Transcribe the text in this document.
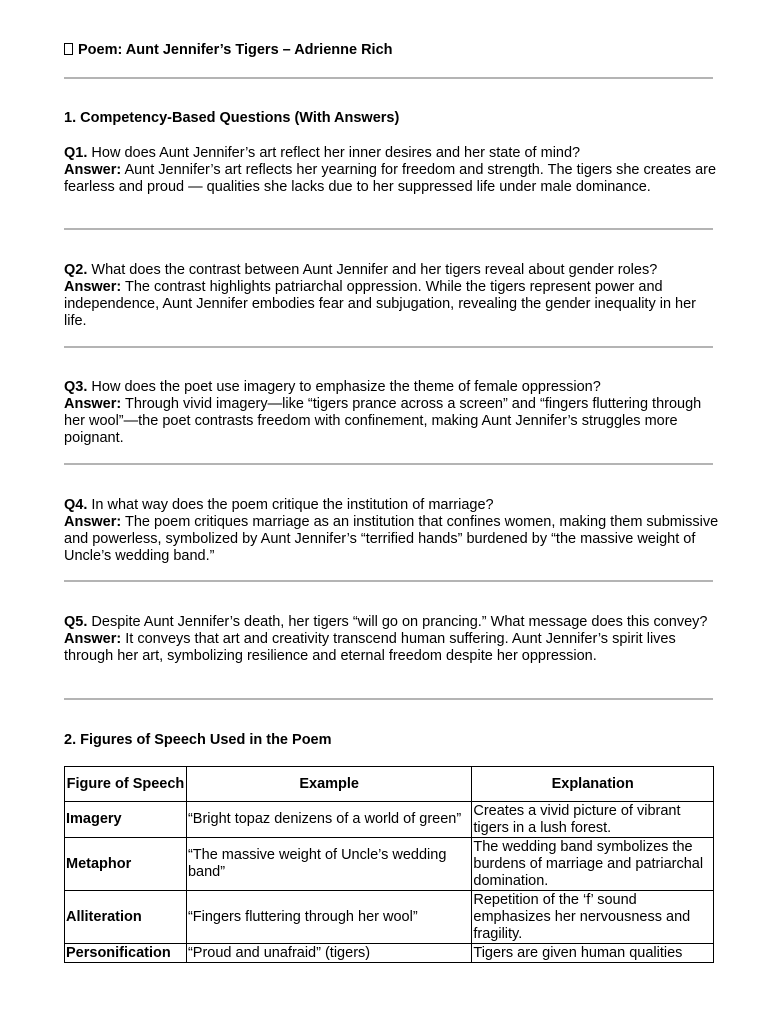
Poem: Aunt Jennifer’s Tigers – Adrienne Rich
1. Competency-Based Questions (With Answers)
Q1. How does Aunt Jennifer’s art reflect her inner desires and her state of mind?
Answer: Aunt Jennifer’s art reflects her yearning for freedom and strength. The tigers she creates are fearless and proud — qualities she lacks due to her suppressed life under male dominance.
Q2. What does the contrast between Aunt Jennifer and her tigers reveal about gender roles?
Answer: The contrast highlights patriarchal oppression. While the tigers represent power and independence, Aunt Jennifer embodies fear and subjugation, revealing the gender inequality in her life.
Q3. How does the poet use imagery to emphasize the theme of female oppression?
Answer: Through vivid imagery—like “tigers prance across a screen” and “fingers fluttering through her wool”—the poet contrasts freedom with confinement, making Aunt Jennifer’s struggles more poignant.
Q4. In what way does the poem critique the institution of marriage?
Answer: The poem critiques marriage as an institution that confines women, making them submissive and powerless, symbolized by Aunt Jennifer’s “terrified hands” burdened by “the massive weight of Uncle’s wedding band.”
Q5. Despite Aunt Jennifer’s death, her tigers “will go on prancing.” What message does this convey?
Answer: It conveys that art and creativity transcend human suffering. Aunt Jennifer’s spirit lives through her art, symbolizing resilience and eternal freedom despite her oppression.
2. Figures of Speech Used in the Poem
Figure of Speech	Example	Explanation
Imagery	“Bright topaz denizens of a world of green”	Creates a vivid picture of vibrant tigers in a lush forest.
Metaphor	“The massive weight of Uncle’s wedding band”	The wedding band symbolizes the burdens of marriage and patriarchal domination.
Alliteration	“Fingers fluttering through her wool”	Repetition of the ‘f’ sound emphasizes her nervousness and fragility.
Personification	“Proud and unafraid” (tigers)	Tigers are given human qualities
